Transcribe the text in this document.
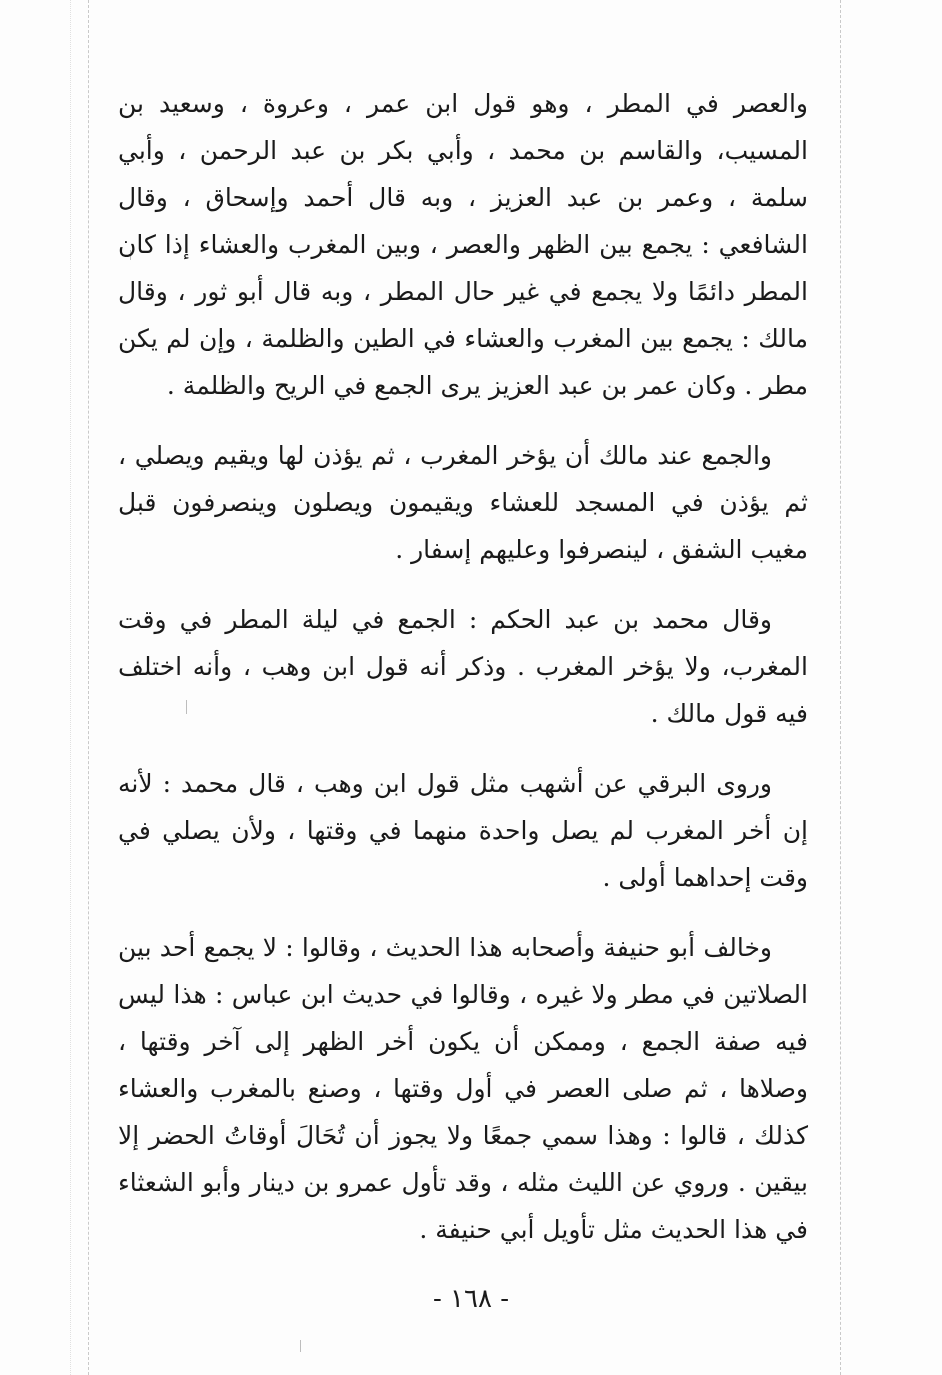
والعصر في المطر ، وهو قول ابن عمر ، وعروة ، وسعيد بن المسيب، والقاسم بن محمد ، وأبي بكر بن عبد الرحمن ، وأبي سلمة ، وعمر بن عبد العزيز ، وبه قال أحمد وإسحاق ، وقال الشافعي : يجمع بين الظهر والعصر ، وبين المغرب والعشاء إذا كان المطر دائمًا ولا يجمع في غير حال المطر ، وبه قال أبو ثور ، وقال مالك : يجمع بين المغرب والعشاء في الطين والظلمة ، وإن لم يكن مطر . وكان عمر بن عبد العزيز يرى الجمع في الريح والظلمة .

والجمع عند مالك أن يؤخر المغرب ، ثم يؤذن لها ويقيم ويصلي ، ثم يؤذن في المسجد للعشاء ويقيمون ويصلون وينصرفون قبل مغيب الشفق ، لينصرفوا وعليهم إسفار .

وقال محمد بن عبد الحكم : الجمع في ليلة المطر في وقت المغرب، ولا يؤخر المغرب . وذكر أنه قول ابن وهب ، وأنه اختلف فيه قول مالك .

وروى البرقي عن أشهب مثل قول ابن وهب ، قال محمد : لأنه إن أخر المغرب لم يصل واحدة منهما في وقتها ، ولأن يصلي في وقت إحداهما أولى .

وخالف أبو حنيفة وأصحابه هذا الحديث ، وقالوا : لا يجمع أحد بين الصلاتين في مطر ولا غيره ، وقالوا في حديث ابن عباس : هذا ليس فيه صفة الجمع ، وممكن أن يكون أخر الظهر إلى آخر وقتها ، وصلاها ، ثم صلى العصر في أول وقتها ، وصنع بالمغرب والعشاء كذلك ، قالوا : وهذا سمي جمعًا ولا يجوز أن تُحَالَ أوقاتُ الحضر إلا بيقين . وروي عن الليث مثله ، وقد تأول عمرو بن دينار وأبو الشعثاء في هذا الحديث مثل تأويل أبي حنيفة .

- ١٦٨ -
